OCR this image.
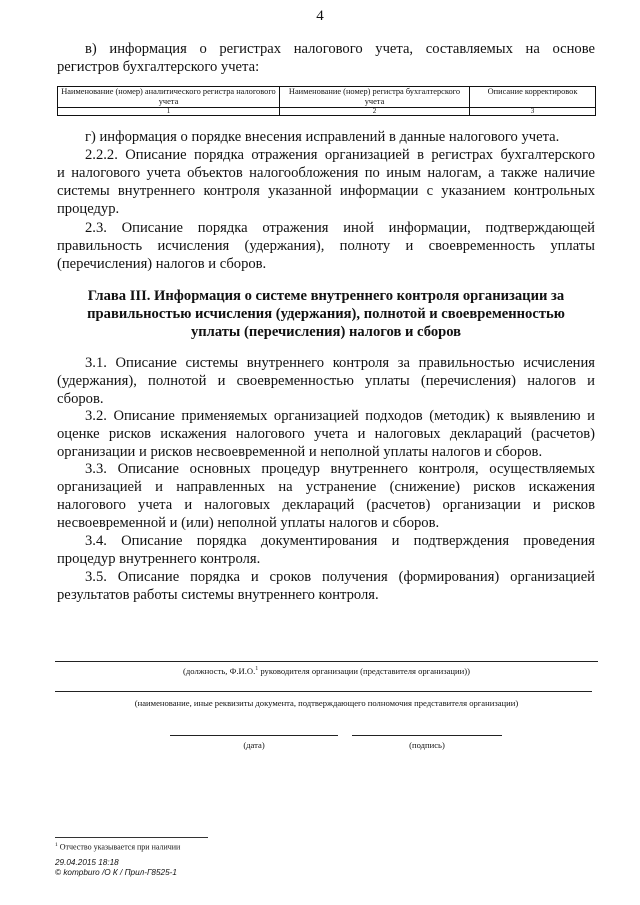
4
в) информация о регистрах налогового учета, составляемых на основе
регистров бухгалтерского учета:
Наименование (номер) аналитического регистра налогового учета	Наименование (номер) регистра бухгалтерского учета	Описание корректировок
1	2	3
г) информация о порядке внесения исправлений в данные налогового учета.
2.2.2. Описание порядка отражения организацией в регистрах бухгалтерского
и налогового учета объектов налогообложения по иным налогам, а также наличие
системы внутреннего контроля указанной информации с указанием контрольных
процедур.
2.3. Описание порядка отражения иной информации, подтверждающей
правильность исчисления (удержания), полноту и своевременность уплаты
(перечисления) налогов и сборов.
Глава III. Информация о системе внутреннего контроля организации за
правильностью исчисления (удержания), полнотой и своевременностью
уплаты (перечисления) налогов и сборов
3.1. Описание системы внутреннего контроля за правильностью исчисления
(удержания), полнотой и своевременностью уплаты (перечисления) налогов и
сборов.
3.2. Описание применяемых организацией подходов (методик) к выявлению и
оценке рисков искажения налогового учета и налоговых деклараций (расчетов)
организации и рисков несвоевременной и неполной уплаты налогов и сборов.
3.3. Описание основных процедур внутреннего контроля, осуществляемых
организацией и направленных на устранение (снижение) рисков искажения
налогового учета и налоговых деклараций (расчетов) организации и рисков
несвоевременной и (или) неполной уплаты налогов и сборов.
3.4. Описание порядка документирования и подтверждения проведения
процедур внутреннего контроля.
3.5. Описание порядка и сроков получения (формирования) организацией
результатов работы системы внутреннего контроля.
(должность, Ф.И.О.$^1$ руководителя организации (представителя организации))
(наименование, иные реквизиты документа, подтверждающего полномочия представителя организации)
(дата)	(подпись)
$^1$ Отчество указывается при наличии
29.04.2015 18:18
© kompburo /О К / Прил-Г8525-1
